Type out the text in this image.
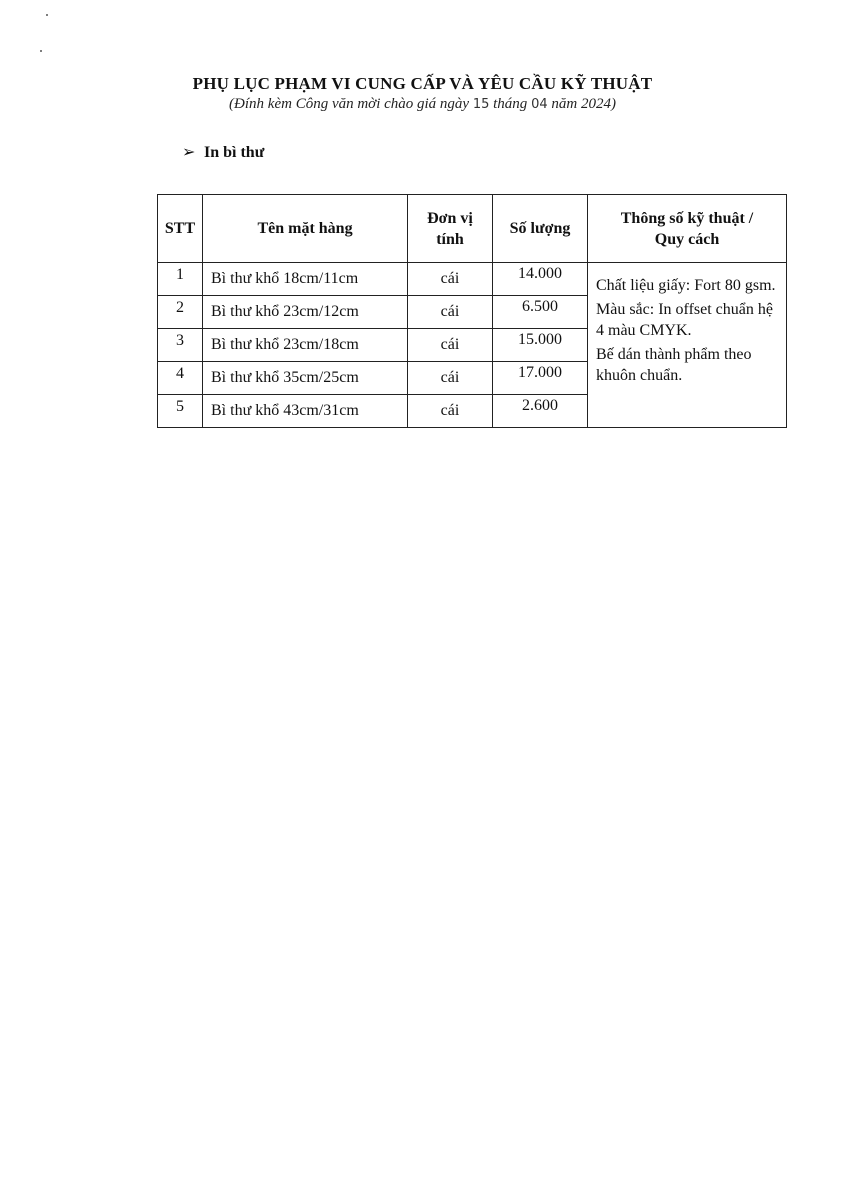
PHỤ LỤC PHẠM VI CUNG CẤP VÀ YÊU CẦU KỸ THUẬT
(Đính kèm Công văn mời chào giá ngày 15 tháng 04 năm 2024)
➢ In bì thư
STT	Tên mặt hàng	Đơn vị tính	Số lượng	Thông số kỹ thuật / Quy cách
1	Bì thư khổ 18cm/11cm	cái	14.000	Chất liệu giấy: Fort 80 gsm.

Màu sắc: In offset chuẩn hệ 4 màu CMYK.

Bế dán thành phẩm theo khuôn chuẩn.

2	Bì thư khổ 23cm/12cm	cái	6.500	
3	Bì thư khổ 23cm/18cm	cái	15.000	
4	Bì thư khổ 35cm/25cm	cái	17.000	
5	Bì thư khổ 43cm/31cm	cái	2.600	
